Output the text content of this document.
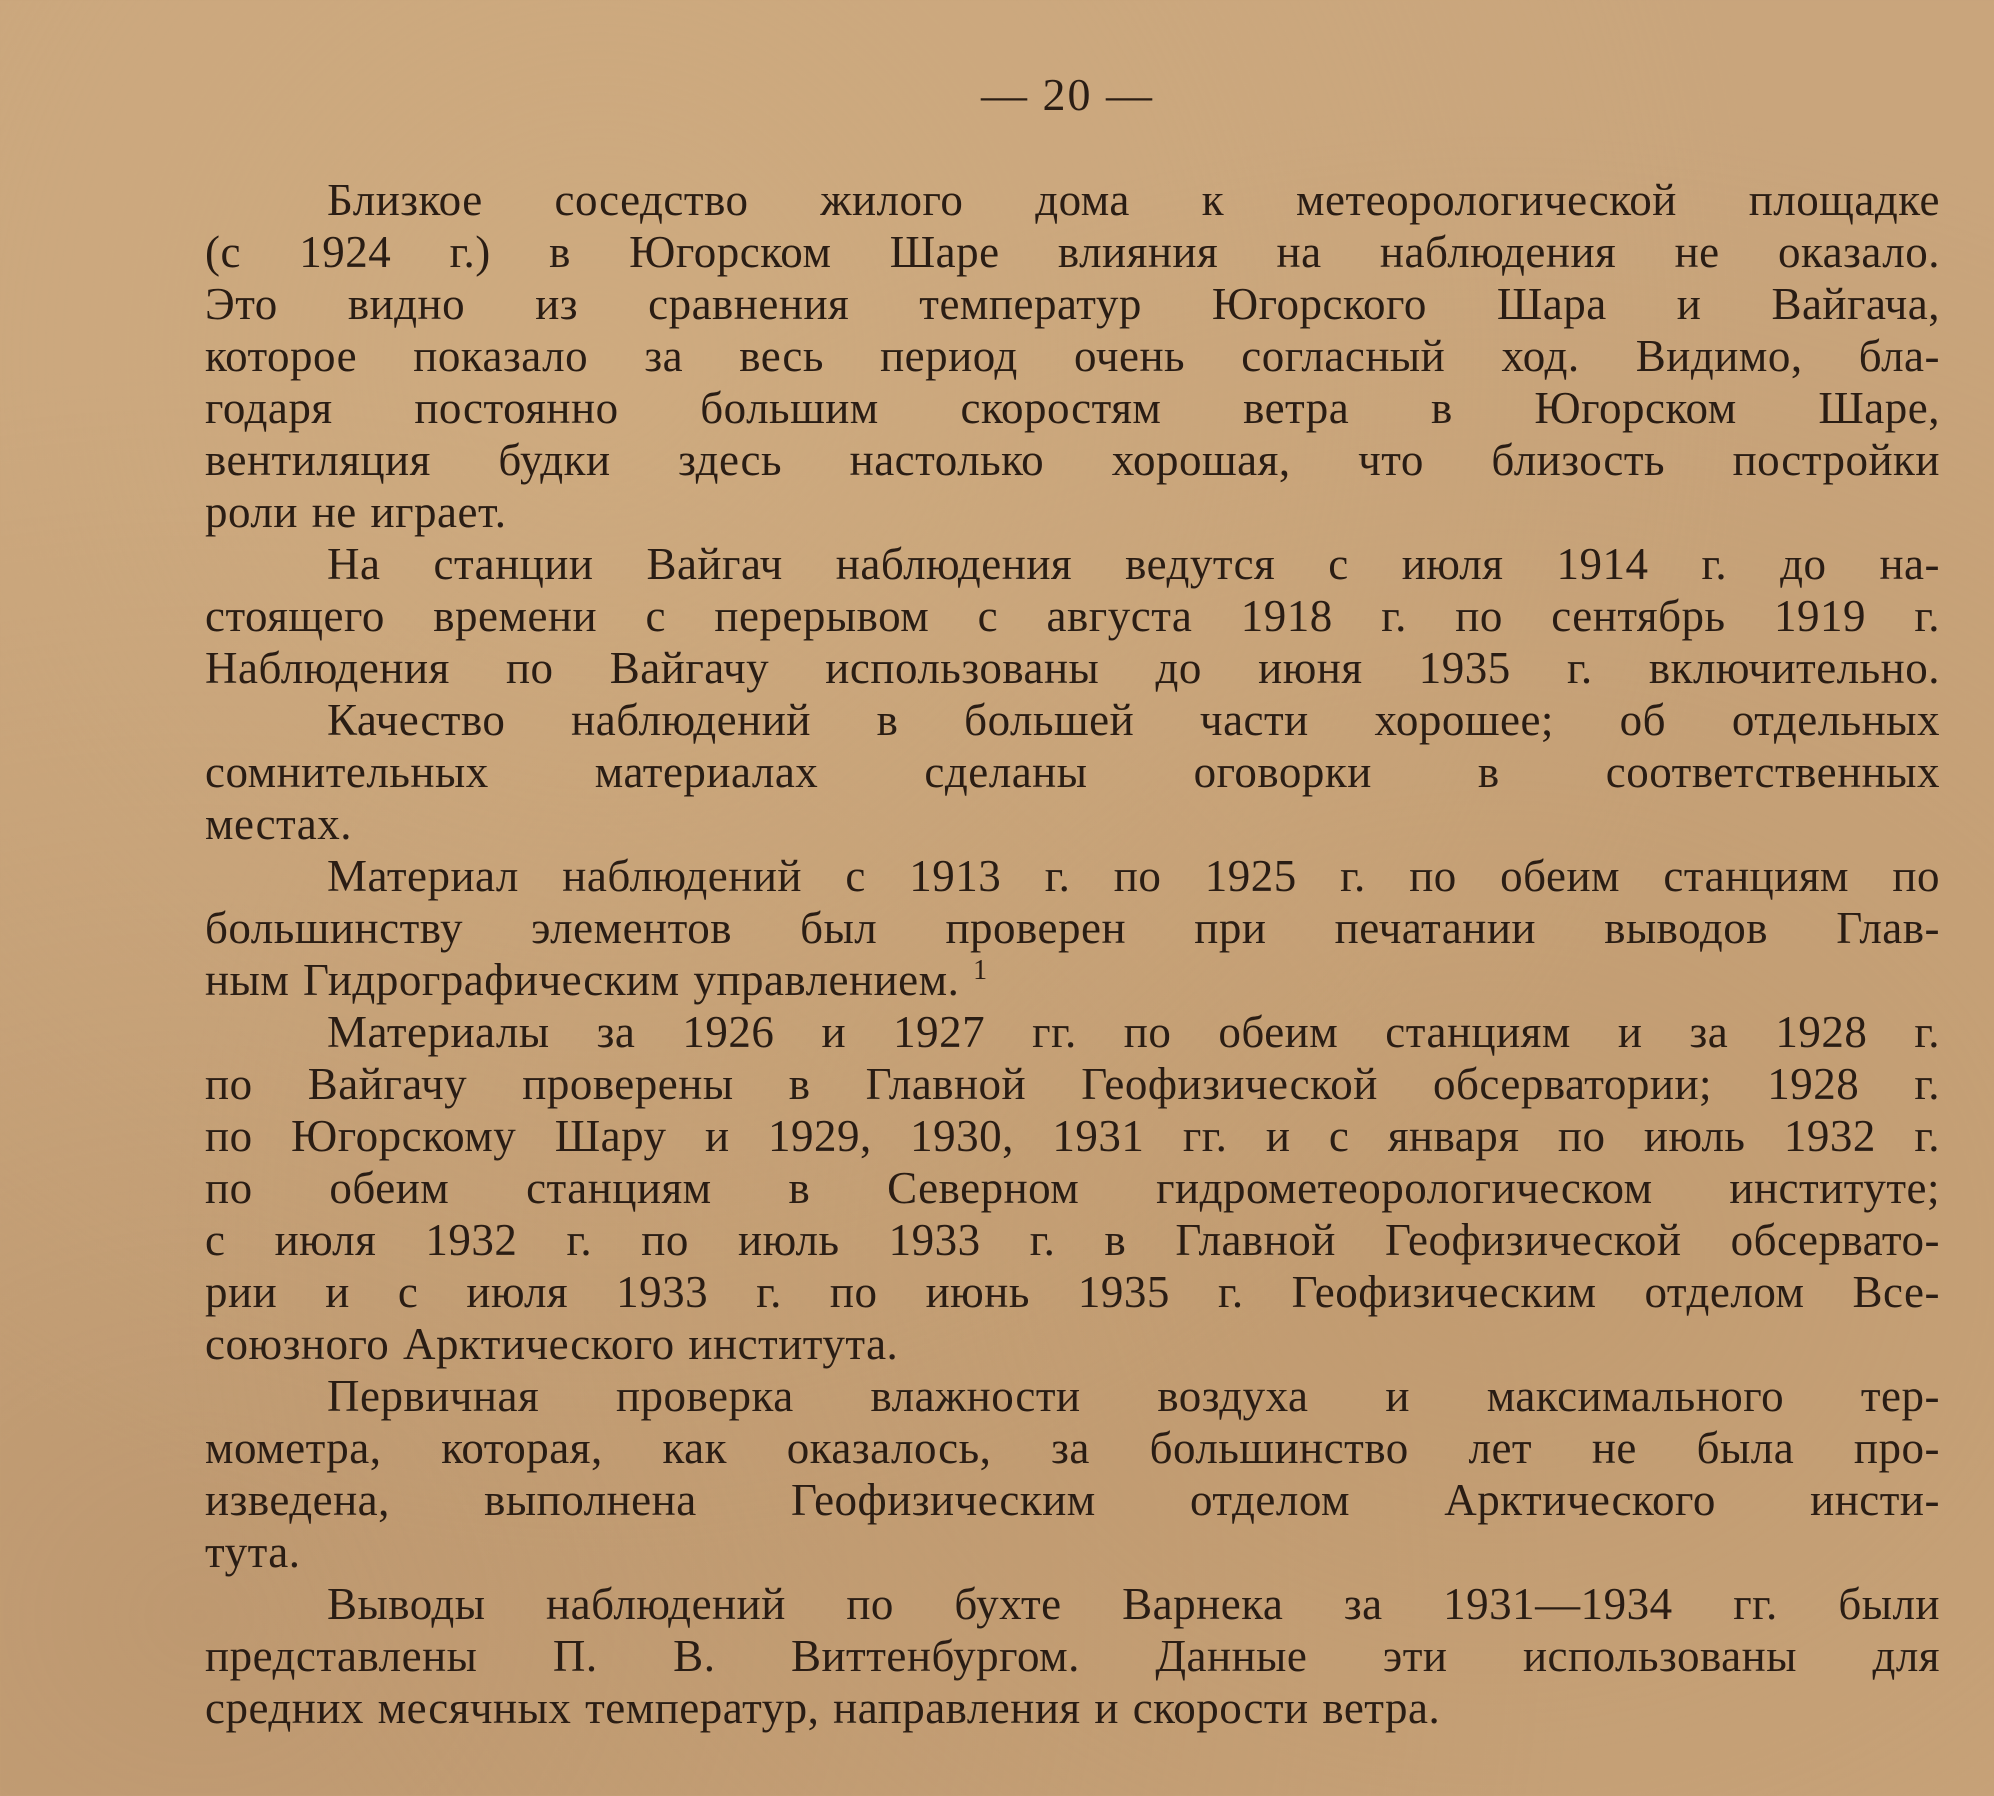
— 20 —
Близкое соседство жилого дома к метеорологической площадке
(с 1924 г.) в Югорском Шаре влияния на наблюдения не оказало.
Это видно из сравнения температур Югорского Шара и Вайгача,
которое показало за весь период очень согласный ход. Видимо, бла-
годаря постоянно большим скоростям ветра в Югорском Шаре,
вентиляция будки здесь настолько хорошая, что близость постройки
роли не играет.
На станции Вайгач наблюдения ведутся с июля 1914 г. до на-
стоящего времени с перерывом с августа 1918 г. по сентябрь 1919 г.
Наблюдения по Вайгачу использованы до июня 1935 г. включительно.
Качество наблюдений в большей части хорошее; об отдельных
сомнительных материалах сделаны оговорки в соответственных
местах.
Материал наблюдений с 1913 г. по 1925 г. по обеим станциям по
большинству элементов был проверен при печатании выводов Глав-
ным Гидрографическим управлением. $^1$
Материалы за 1926 и 1927 гг. по обеим станциям и за 1928 г.
по Вайгачу проверены в Главной Геофизической обсерватории; 1928 г.
по Югорскому Шару и 1929, 1930, 1931 гг. и с января по июль 1932 г.
по обеим станциям в Северном гидрометеорологическом институте;
с июля 1932 г. по июль 1933 г. в Главной Геофизической обсервато-
рии и с июля 1933 г. по июнь 1935 г. Геофизическим отделом Все-
союзного Арктического института.
Первичная проверка влажности воздуха и максимального тер-
мометра, которая, как оказалось, за большинство лет не была про-
изведена, выполнена Геофизическим отделом Арктического инсти-
тута.
Выводы наблюдений по бухте Варнека за 1931—1934 гг. были
представлены П. В. Виттенбургом. Данные эти использованы для
средних месячных температур, направления и скорости ветра.
